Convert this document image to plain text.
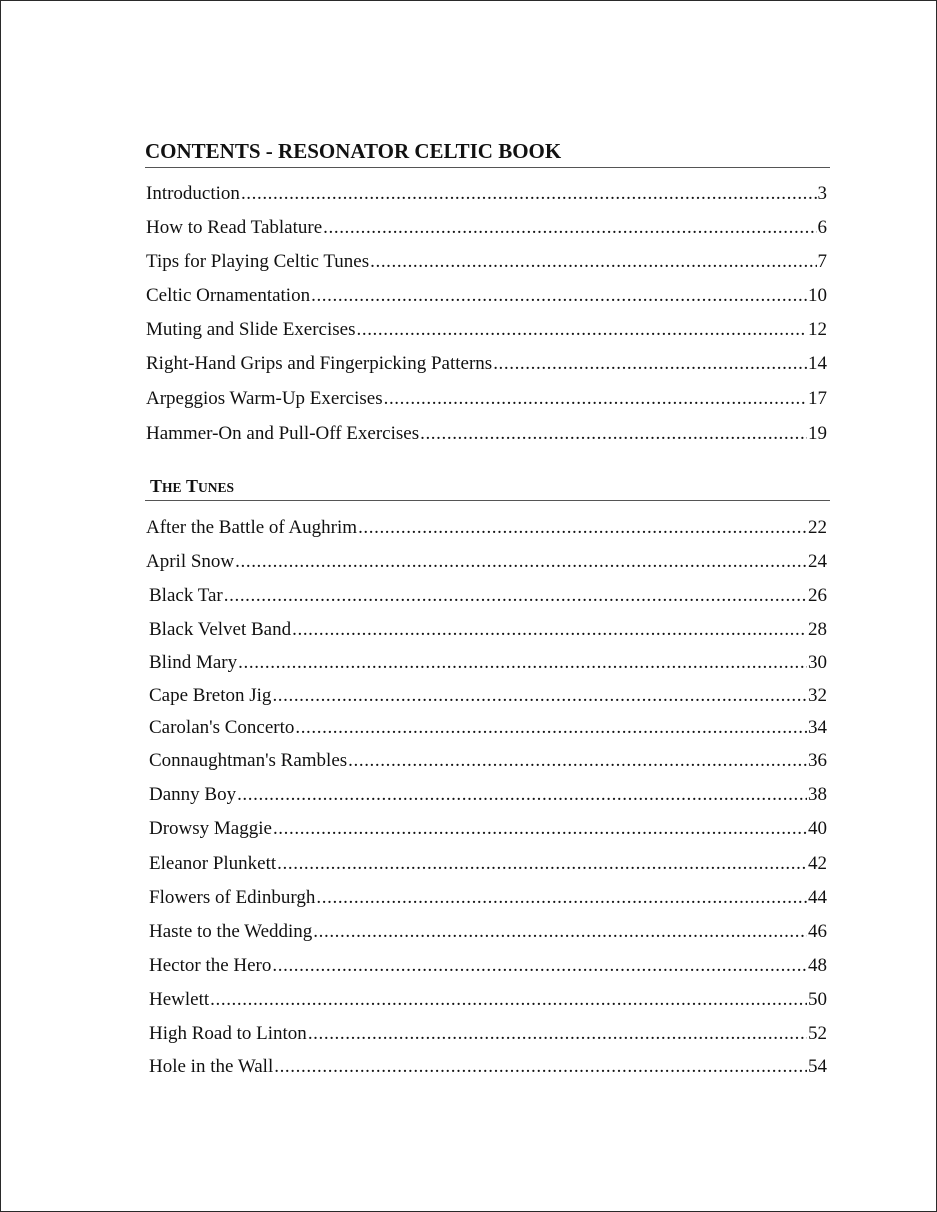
CONTENTS - RESONATOR CELTIC BOOK
Introduction .....	3
How to Read Tablature .....	6
Tips for Playing Celtic Tunes .....	7
Celtic Ornamentation .....	10
Muting and Slide Exercises .....	12
Right-Hand Grips and Fingerpicking Patterns .....	14
Arpeggios Warm-Up Exercises .....	17
Hammer-On and Pull-Off Exercises .....	19
THE TUNES
After the Battle of Aughrim .....	22
April Snow .....	24
Black Tar .....	26
Black Velvet Band .....	28
Blind Mary .....	30
Cape Breton Jig .....	32
Carolan's Concerto .....	34
Connaughtman's Rambles .....	36
Danny Boy .....	38
Drowsy Maggie .....	40
Eleanor Plunkett .....	42
Flowers of Edinburgh .....	44
Haste to the Wedding .....	46
Hector the Hero .....	48
Hewlett .....	50
High Road to Linton .....	52
Hole in the Wall .....	54
